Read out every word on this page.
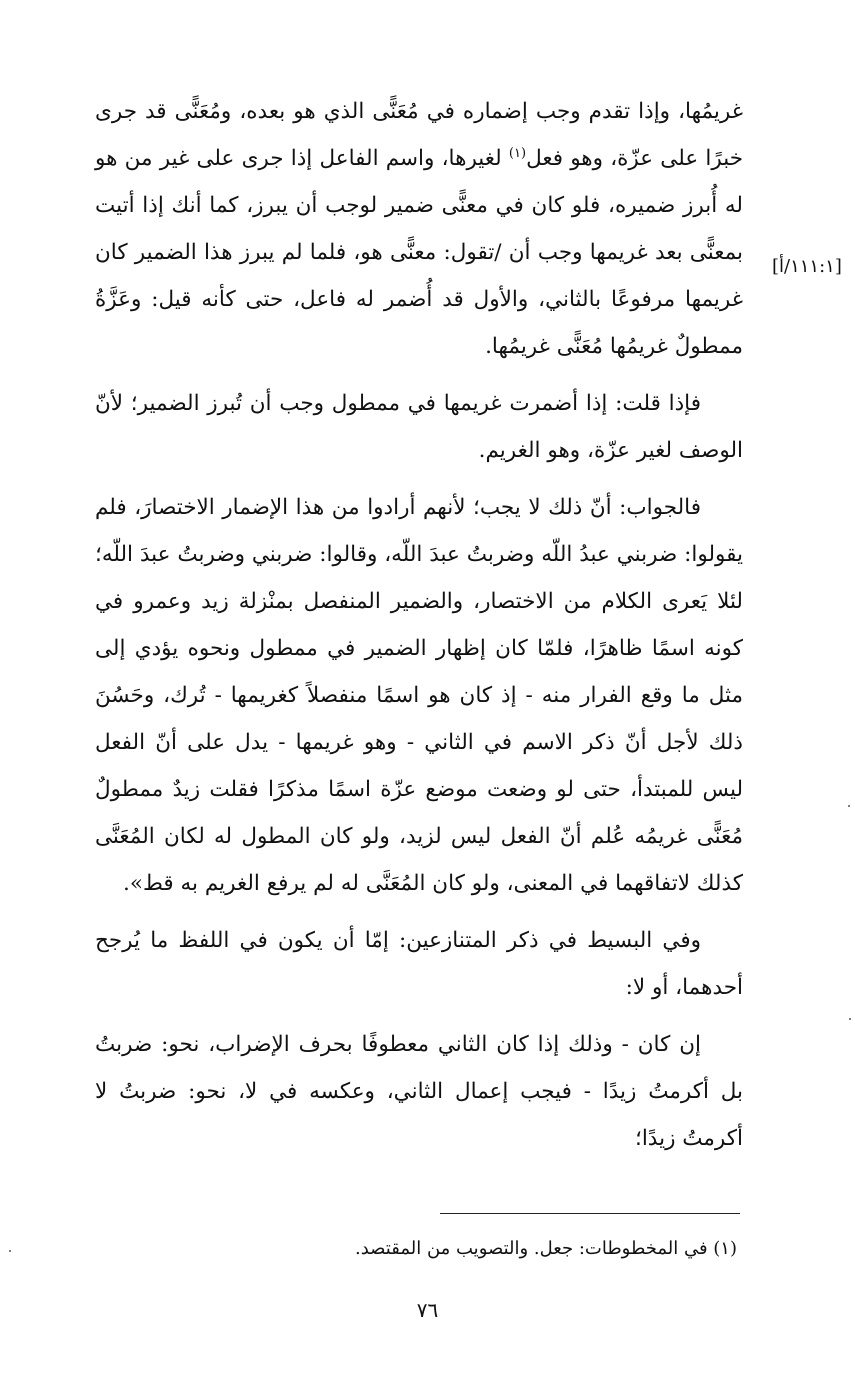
[١١١:١/أ]

غريمُها، وإذا تقدم وجب إضماره في مُعَنًّى الذي هو بعده، ومُعَنًّى قد جرى خبرًا على عزّة، وهو فعل$^{(١)}$ لغيرها، واسم الفاعل إذا جرى على غير من هو له أُبرز ضميره، فلو كان في معنًّى ضمير لوجب أن يبرز، كما أنك إذا أتيت بمعنًّى بعد غريمها وجب أن /تقول: معنًّى هو، فلما لم يبرز هذا الضمير كان غريمها مرفوعًا بالثاني، والأول قد أُضمر له فاعل، حتى كأنه قيل: وعَزَّةُ ممطولٌ غريمُها مُعَنًّى غريمُها.

فإذا قلت: إذا أضمرت غريمها في ممطول وجب أن تُبرز الضمير؛ لأنّ الوصف لغير عزّة، وهو الغريم.

فالجواب: أنّ ذلك لا يجب؛ لأنهم أرادوا من هذا الإضمار الاختصارَ، فلم يقولوا: ضربني عبدُ اللّه وضربتُ عبدَ اللّه، وقالوا: ضربني وضربتُ عبدَ اللّه؛ لئلا يَعرى الكلام من الاختصار، والضمير المنفصل بمنْزلة زيد وعمرو في كونه اسمًا ظاهرًا، فلمّا كان إظهار الضمير في ممطول ونحوه يؤدي إلى مثل ما وقع الفرار منه - إذ كان هو اسمًا منفصلاً كغريمها - تُرك، وحَسُنَ ذلك لأجل أنّ ذكر الاسم في الثاني - وهو غريمها - يدل على أنّ الفعل ليس للمبتدأ، حتى لو وضعت موضع عزّة اسمًا مذكرًا فقلت زيدٌ ممطولٌ مُعَنًّى غريمُه عُلم أنّ الفعل ليس لزيد، ولو كان المطول له لكان المُعَنَّى كذلك لاتفاقهما في المعنى، ولو كان المُعَنَّى له لم يرفع الغريم به قط».

وفي البسيط في ذكر المتنازعين: إمّا أن يكون في اللفظ ما يُرجح أحدهما، أو لا:

إن كان - وذلك إذا كان الثاني معطوفًا بحرف الإضراب، نحو: ضربتُ بل أكرمتُ زيدًا - فيجب إعمال الثاني، وعكسه في لا، نحو: ضربتُ لا أكرمتُ زيدًا؛

(١) في المخطوطات: جعل. والتصويب من المقتصد.
٧٦
